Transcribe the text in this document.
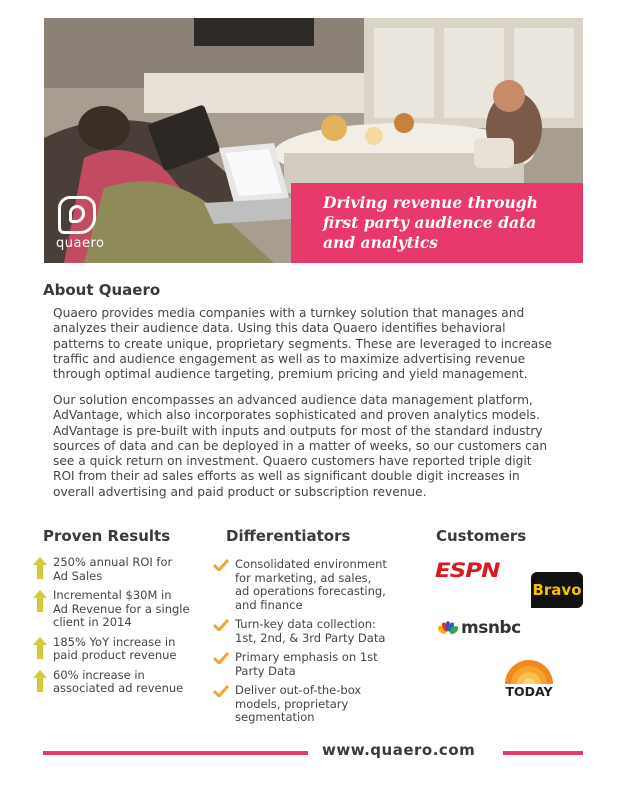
quaero
Driving revenue through
first party audience data
and analytics
About Quaero
Quaero provides media companies with a turnkey solution that manages and
analyzes their audience data. Using this data Quaero identifies behavioral
patterns to create unique, proprietary segments. These are leveraged to increase
traffic and audience engagement as well as to maximize advertising revenue
through optimal audience targeting, premium pricing and yield management.
Our solution encompasses an advanced audience data management platform,
AdVantage, which also incorporates sophisticated and proven analytics models.
AdVantage is pre-built with inputs and outputs for most of the standard industry
sources of data and can be deployed in a matter of weeks, so our customers can
see a quick return on investment. Quaero customers have reported triple digit
ROI from their ad sales efforts as well as significant double digit increases in
overall advertising and paid product or subscription revenue.
Proven Results	Differentiators	Customers
250% annual ROI for
Ad Sales
Incremental $30M in
Ad Revenue for a single
client in 2014
185% YoY increase in
paid product revenue
60% increase in
associated ad revenue
Consolidated environment
for marketing, ad sales,
ad operations forecasting,
and finance
Turn-key data collection:
1st, 2nd, & 3rd Party Data
Primary emphasis on 1st
Party Data
Deliver out-of-the-box
models, proprietary
segmentation
ESPN
Bravo
msnbc
TODAY
www.quaero.com
